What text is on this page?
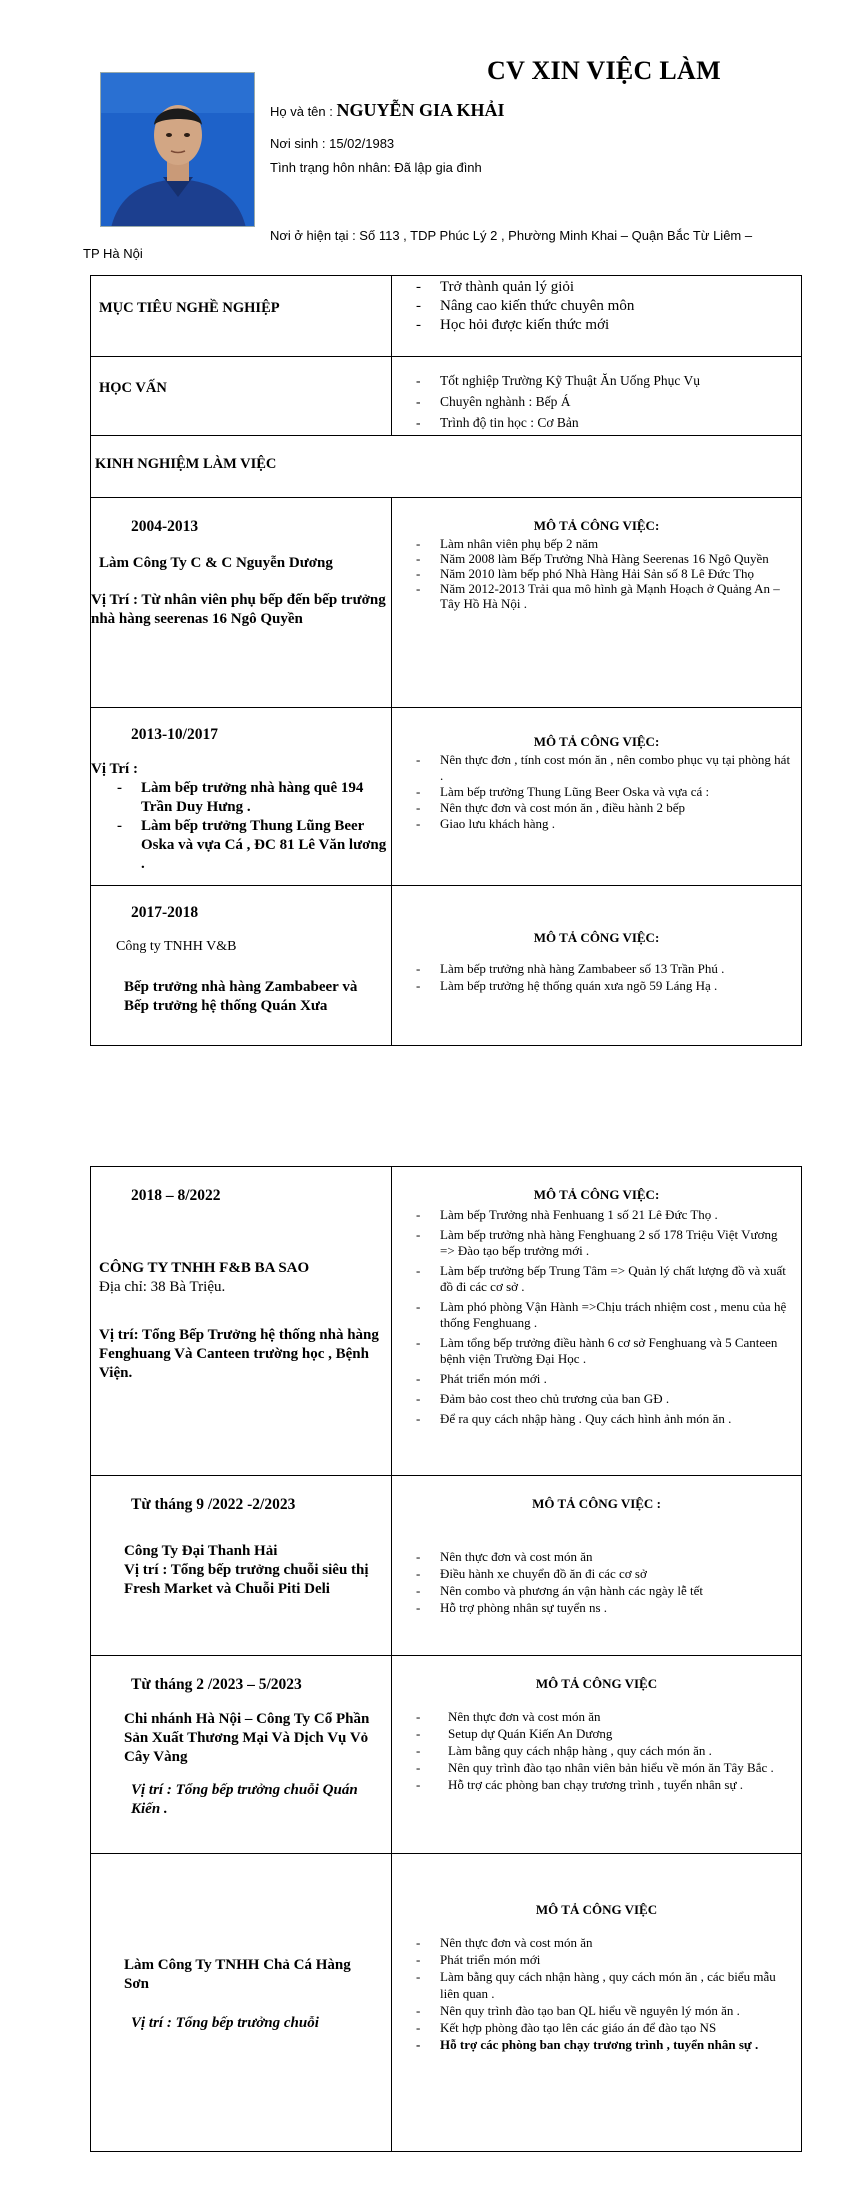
CV XIN VIỆC LÀM
Họ và tên : NGUYỄN GIA KHẢI
Nơi sinh : 15/02/1983
Tình trạng hôn nhân: Đã lập gia đình
Nơi ở hiện tại : Số 113 , TDP Phúc Lý 2 , Phường Minh Khai – Quận Bắc Từ Liêm –
TP Hà Nội
MỤC TIÊU NGHỀ NGHIỆP
- Trở thành quản lý giỏi
- Nâng cao kiến thức chuyên môn
- Học hỏi được kiến thức mới
HỌC VẤN
-	Tốt nghiệp Trường Kỹ Thuật Ăn Uống Phục Vụ
- Chuyên nghành : Bếp Á
- Trình độ tin học : Cơ Bản
KINH NGHIỆM LÀM VIỆC
2004-2013
Làm Công Ty C & C Nguyễn Dương
Vị Trí : Từ nhân viên phụ bếp đến bếp trưởng nhà hàng seerenas 16 Ngô Quyền
MÔ TẢ CÔNG VIỆC:
- Làm nhân viên phụ bếp 2 năm
- Năm 2008 làm Bếp Trưởng Nhà Hàng Seerenas 16 Ngô Quyền
- Năm 2010 làm bếp phó Nhà Hàng Hải Sản số 8 Lê Đức Thọ
- Năm 2012-2013 Trải qua mô hình gà Mạnh Hoạch ở Quảng An – Tây Hồ Hà Nội .
2013-10/2017
Vị Trí :
- Làm bếp trưởng nhà hàng quê 194 Trần Duy Hưng .
- Làm bếp trưởng Thung Lũng Beer Oska và vựa Cá , ĐC 81 Lê Văn lương .
MÔ TẢ CÔNG VIỆC:
- Nên thực đơn , tính cost món ăn , nên combo phục vụ tại phòng hát .
- Làm bếp trưởng Thung Lũng Beer Oska và vựa cá :
- Nên thực đơn và cost món ăn , điều hành 2 bếp
- Giao lưu khách hàng .
2017-2018
Công ty TNHH V&B
Bếp trưởng nhà hàng Zambabeer và Bếp trưởng hệ thống Quán Xưa
MÔ TẢ CÔNG VIỆC:
- Làm bếp trưởng nhà hàng Zambabeer số 13 Trần Phú .
- Làm bếp trưởng hệ thống quán xưa ngõ 59 Láng Hạ .
2018 – 8/2022
CÔNG TY TNHH F&B BA SAO
Địa chỉ: 38 Bà Triệu.
Vị trí: Tổng Bếp Trưởng hệ thống nhà hàng Fenghuang Và Canteen trường học , Bệnh Viện.
MÔ TẢ CÔNG VIỆC:
- Làm bếp Trưởng nhà Fenhuang 1 số 21 Lê Đức Thọ .
- Làm bếp trưởng nhà hàng Fenghuang 2 số 178 Triệu Việt Vương => Đào tạo bếp trưởng mới .
- Làm bếp trưởng bếp Trung Tâm => Quản lý chất lượng đồ và xuất đồ đi các cơ sở .
- Làm phó phòng Vận Hành =>Chịu trách nhiệm cost , menu của hệ thống Fenghuang .
- Làm tổng bếp trưởng điều hành 6 cơ sở Fenghuang và 5 Canteen bệnh viện Trường Đại Học .
- Phát triển món mới .
- Đảm bảo cost theo chủ trương của ban GĐ .
- Để ra quy cách nhập hàng . Quy cách hình ảnh món ăn .
Từ tháng 9 /2022 -2/2023
Công Ty Đại Thanh Hải
Vị trí : Tổng bếp trưởng chuỗi siêu thị Fresh Market và Chuỗi Piti Deli
MÔ TẢ CÔNG VIỆC :
- Nên thực đơn và cost món ăn
- Điều hành xe chuyển đồ ăn đi các cơ sở
- Nên combo và phương án vận hành các ngày lễ tết
- Hỗ trợ phòng nhân sự tuyển ns .
Từ tháng 2 /2023 – 5/2023
Chi nhánh Hà Nội – Công Ty Cổ Phần Sản Xuất Thương Mại Và Dịch Vụ Vỏ Cây Vàng
Vị trí : Tổng bếp trưởng chuỗi Quán Kiến .
MÔ TẢ CÔNG VIỆC
- Nên thực đơn và cost món ăn
- Setup dự Quán Kiến An Dương
- Làm bằng quy cách nhập hàng , quy cách món ăn .
- Nên quy trình đào tạo nhân viên bản hiểu về món ăn Tây Bắc .
- Hỗ trợ các phòng ban chạy trương trình , tuyển nhân sự .
Làm Công Ty TNHH Chả Cá Hàng Sơn
Vị trí : Tổng bếp trưởng chuỗi
MÔ TẢ CÔNG VIỆC
- Nên thực đơn và cost món ăn
- Phát triển món mới
- Làm bằng quy cách nhận hàng , quy cách món ăn , các biểu mẫu liên quan .
- Nên quy trình đào tạo ban QL hiểu về nguyên lý món ăn .
- Kết hợp phòng đào tạo lên các giáo án để đào tạo NS
- Hỗ trợ các phòng ban chạy trương trình , tuyển nhân sự .
